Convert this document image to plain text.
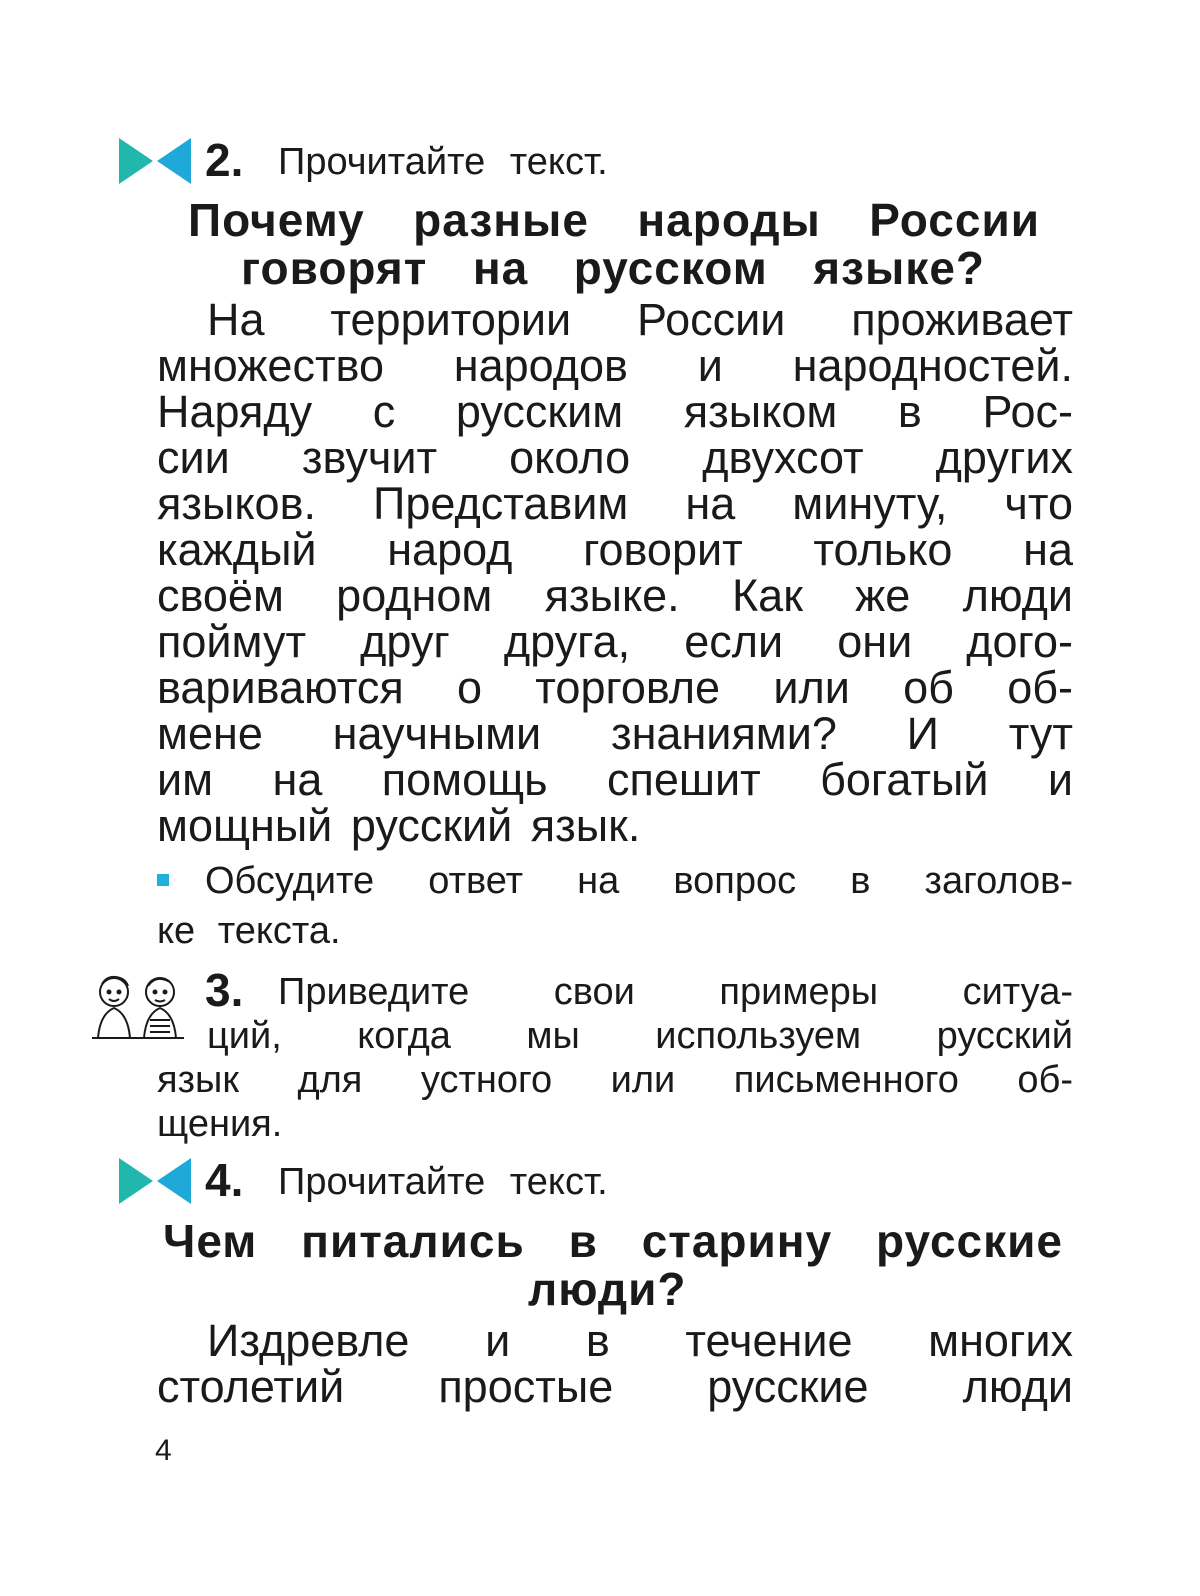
2. Прочитайте текст.
Почему разные народы России
говорят на русском языке?
На территории России проживает
множество народов и народностей.
Наряду с русским языком в Рос-
сии звучит около двухсот других
языков. Представим на минуту, что
каждый народ говорит только на
своём родном языке. Как же люди
поймут друг друга, если они дого-
вариваются о торговле или об об-
мене научными знаниями? И тут
им на помощь спешит богатый и
мощный русский язык.
Обсудите ответ на вопрос в заголов-
ке текста.
3. Приведите свои примеры ситуа-
ций, когда мы используем русский
язык для устного или письменного об-
щения.
4. Прочитайте текст.
Чем питались в старину русские
люди?
Издревле и в течение многих
столетий простые русские люди
4
